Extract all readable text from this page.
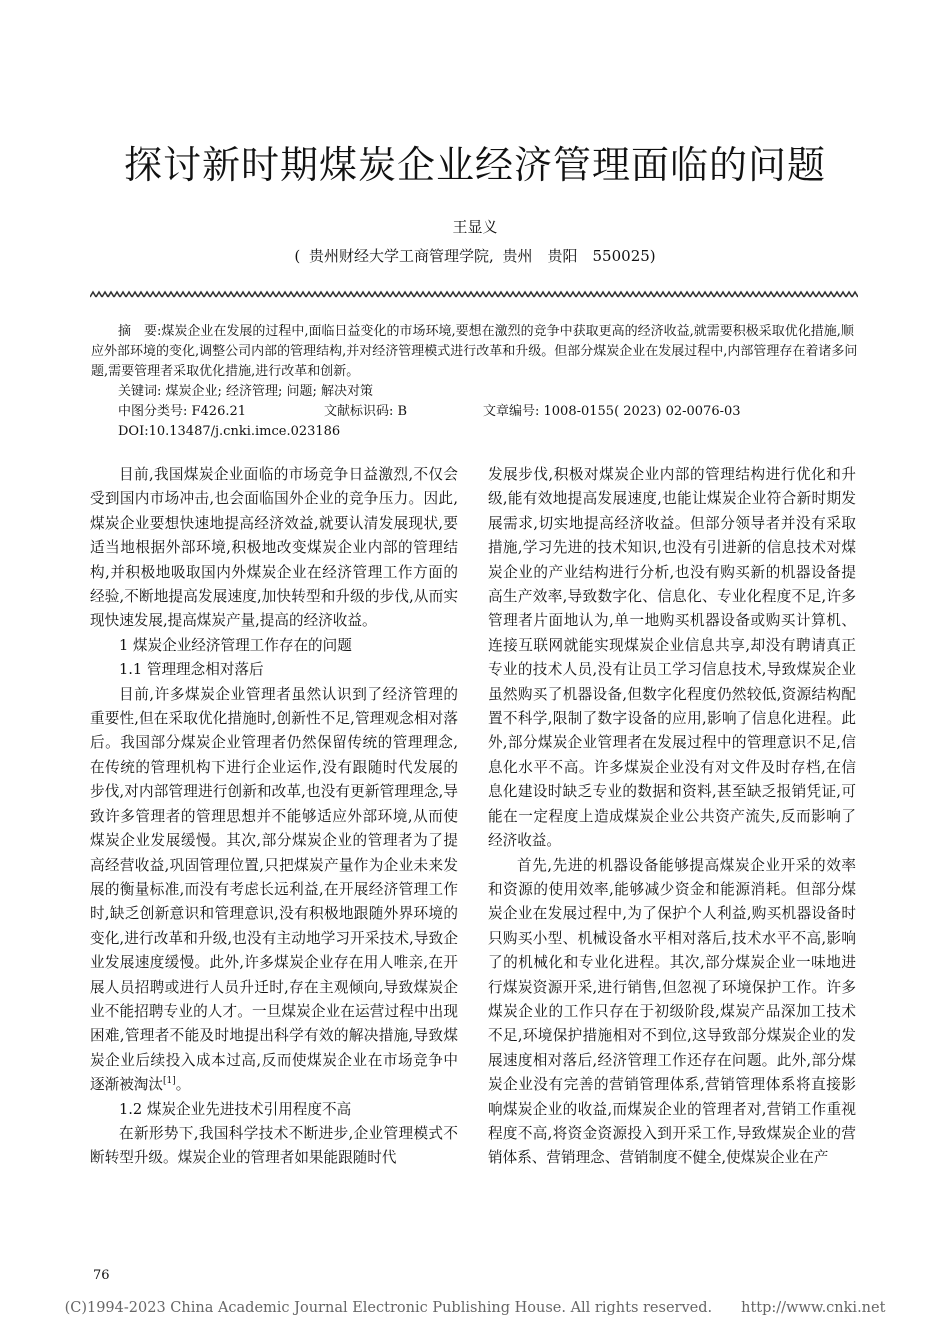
探讨新时期煤炭企业经济管理面临的问题
王显义
( 贵州财经大学工商管理学院, 贵州　贵阳　550025)

摘　要:煤炭企业在发展的过程中,面临日益变化的市场环境,要想在激烈的竞争中获取更高的经济收益,就需要积极采取优化措施,顺应外部环境的变化,调整公司内部的管理结构,并对经济管理模式进行改革和升级。但部分煤炭企业在发展过程中,内部管理存在着诸多问题,需要管理者采取优化措施,进行改革和创新。

关键词: 煤炭企业; 经济管理; 问题; 解决对策

中图分类号: F426.21	文献标识码: B	文章编号: 1008-0155( 2023) 02-0076-03

DOI:10.13487/j.cnki.imce.023186

目前,我国煤炭企业面临的市场竞争日益激烈,不仅会受到国内市场冲击,也会面临国外企业的竞争压力。因此,煤炭企业要想快速地提高经济效益,就要认清发展现状,要适当地根据外部环境,积极地改变煤炭企业内部的管理结构,并积极地吸取国内外煤炭企业在经济管理工作方面的经验,不断地提高发展速度,加快转型和升级的步伐,从而实现快速发展,提高煤炭产量,提高的经济收益。

1 煤炭企业经济管理工作存在的问题

1.1 管理理念相对落后

目前,许多煤炭企业管理者虽然认识到了经济管理的重要性,但在采取优化措施时,创新性不足,管理观念相对落后。我国部分煤炭企业管理者仍然保留传统的管理理念,在传统的管理机构下进行企业运作,没有跟随时代发展的步伐,对内部管理进行创新和改革,也没有更新管理理念,导致许多管理者的管理思想并不能够适应外部环境,从而使煤炭企业发展缓慢。其次,部分煤炭企业的管理者为了提高经营收益,巩固管理位置,只把煤炭产量作为企业未来发展的衡量标准,而没有考虑长远利益,在开展经济管理工作时,缺乏创新意识和管理意识,没有积极地跟随外界环境的变化,进行改革和升级,也没有主动地学习开采技术,导致企业发展速度缓慢。此外,许多煤炭企业存在用人唯亲,在开展人员招聘或进行人员升迁时,存在主观倾向,导致煤炭企业不能招聘专业的人才。一旦煤炭企业在运营过程中出现困难,管理者不能及时地提出科学有效的解决措施,导致煤炭企业后续投入成本过高,反而使煤炭企业在市场竞争中逐渐被淘汰[1]。

1.2 煤炭企业先进技术引用程度不高

在新形势下,我国科学技术不断进步,企业管理模式不断转型升级。煤炭企业的管理者如果能跟随时代

发展步伐,积极对煤炭企业内部的管理结构进行优化和升级,能有效地提高发展速度,也能让煤炭企业符合新时期发展需求,切实地提高经济收益。但部分领导者并没有采取措施,学习先进的技术知识,也没有引进新的信息技术对煤炭企业的产业结构进行分析,也没有购买新的机器设备提高生产效率,导致数字化、信息化、专业化程度不足,许多管理者片面地认为,单一地购买机器设备或购买计算机、连接互联网就能实现煤炭企业信息共享,却没有聘请真正专业的技术人员,没有让员工学习信息技术,导致煤炭企业虽然购买了机器设备,但数字化程度仍然较低,资源结构配置不科学,限制了数字设备的应用,影响了信息化进程。此外,部分煤炭企业管理者在发展过程中的管理意识不足,信息化水平不高。许多煤炭企业没有对文件及时存档,在信息化建设时缺乏专业的数据和资料,甚至缺乏报销凭证,可能在一定程度上造成煤炭企业公共资产流失,反而影响了经济收益。

首先,先进的机器设备能够提高煤炭企业开采的效率和资源的使用效率,能够减少资金和能源消耗。但部分煤炭企业在发展过程中,为了保护个人利益,购买机器设备时只购买小型、机械设备水平相对落后,技术水平不高,影响了的机械化和专业化进程。其次,部分煤炭企业一味地进行煤炭资源开采,进行销售,但忽视了环境保护工作。许多煤炭企业的工作只存在于初级阶段,煤炭产品深加工技术不足,环境保护措施相对不到位,这导致部分煤炭企业的发展速度相对落后,经济管理工作还存在问题。此外,部分煤炭企业没有完善的营销管理体系,营销管理体系将直接影响煤炭企业的收益,而煤炭企业的管理者对,营销工作重视程度不高,将资金资源投入到开采工作,导致煤炭企业的营销体系、营销理念、营销制度不健全,使煤炭企业在产

76
(C)1994-2023 China Academic Journal Electronic Publishing House. All rights reserved.　　http://www.cnki.net
